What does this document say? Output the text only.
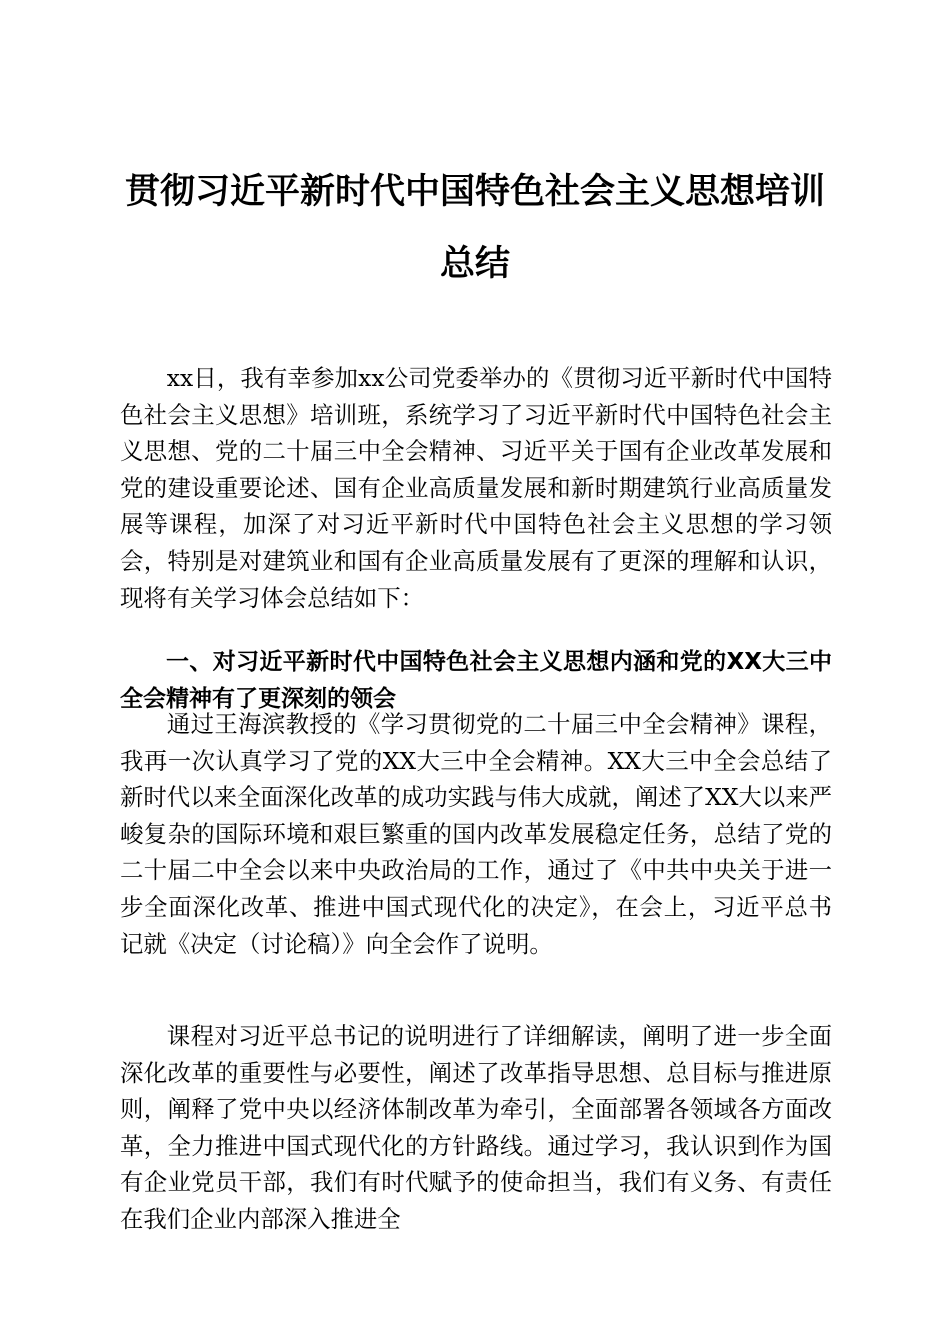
贯彻习近平新时代中国特色社会主义思想培训
总结

xx日，我有幸参加xx公司党委举办的《贯彻习近平新时代中国特色社会主义思想》培训班，系统学习了习近平新时代中国特色社会主义思想、党的二十届三中全会精神、习近平关于国有企业改革发展和党的建设重要论述、国有企业高质量发展和新时期建筑行业高质量发展等课程，加深了对习近平新时代中国特色社会主义思想的学习领会，特别是对建筑业和国有企业高质量发展有了更深的理解和认识，现将有关学习体会总结如下：

一、对习近平新时代中国特色社会主义思想内涵和党的XX大三中全会精神有了更深刻的领会

通过王海滨教授的《学习贯彻党的二十届三中全会精神》课程，我再一次认真学习了党的XX大三中全会精神。XX大三中全会总结了新时代以来全面深化改革的成功实践与伟大成就，阐述了XX大以来严峻复杂的国际环境和艰巨繁重的国内改革发展稳定任务，总结了党的二十届二中全会以来中央政治局的工作，通过了《中共中央关于进一步全面深化改革、推进中国式现代化的决定》，在会上，习近平总书记就《决定（讨论稿）》向全会作了说明。

课程对习近平总书记的说明进行了详细解读，阐明了进一步全面深化改革的重要性与必要性，阐述了改革指导思想、总目标与推进原则，阐释了党中央以经济体制改革为牵引，全面部署各领域各方面改革，全力推进中国式现代化的方针路线。通过学习，我认识到作为国有企业党员干部，我们有时代赋予的使命担当，我们有义务、有责任在我们企业内部深入推进全
